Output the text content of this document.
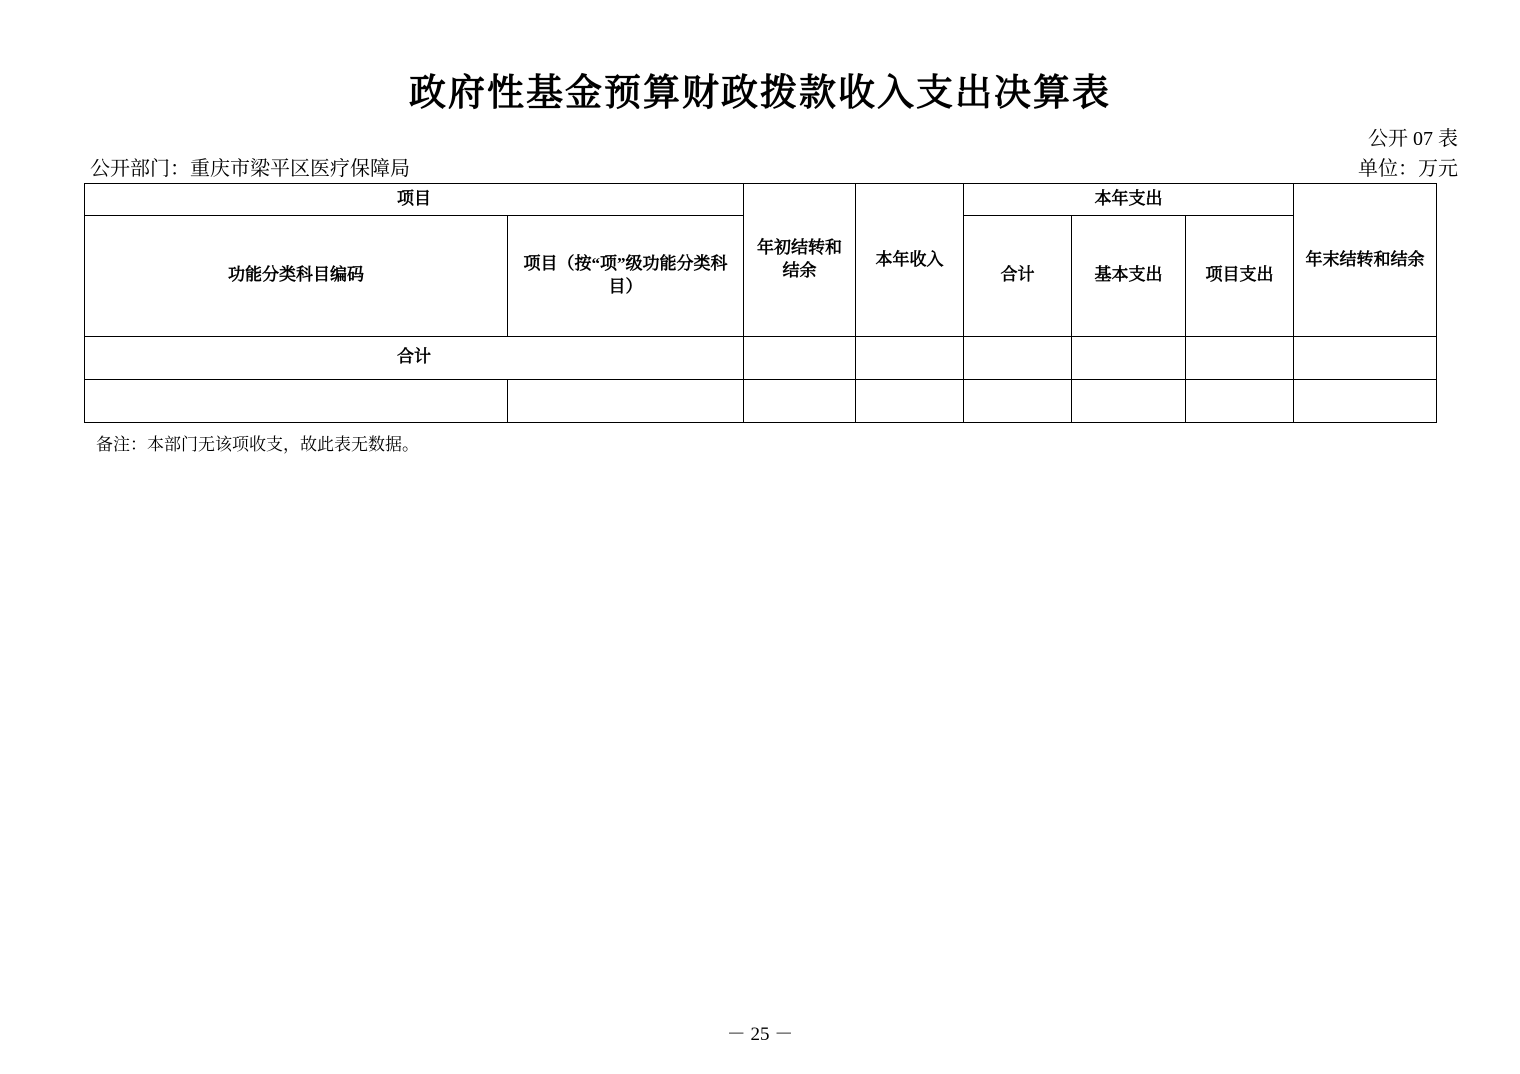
政府性基金预算财政拨款收入支出决算表
公开 07 表
公开部门：重庆市梁平区医疗保障局	单位：万元
项目		年初结转和结余	本年收入	本年支出			年末结转和结余
功能分类科目编码	项目（按“项”级功能分类科目）			合计	基本支出	项目支出	
合计							

备注：本部门无该项收支，故此表无数据。
－ 25 －
